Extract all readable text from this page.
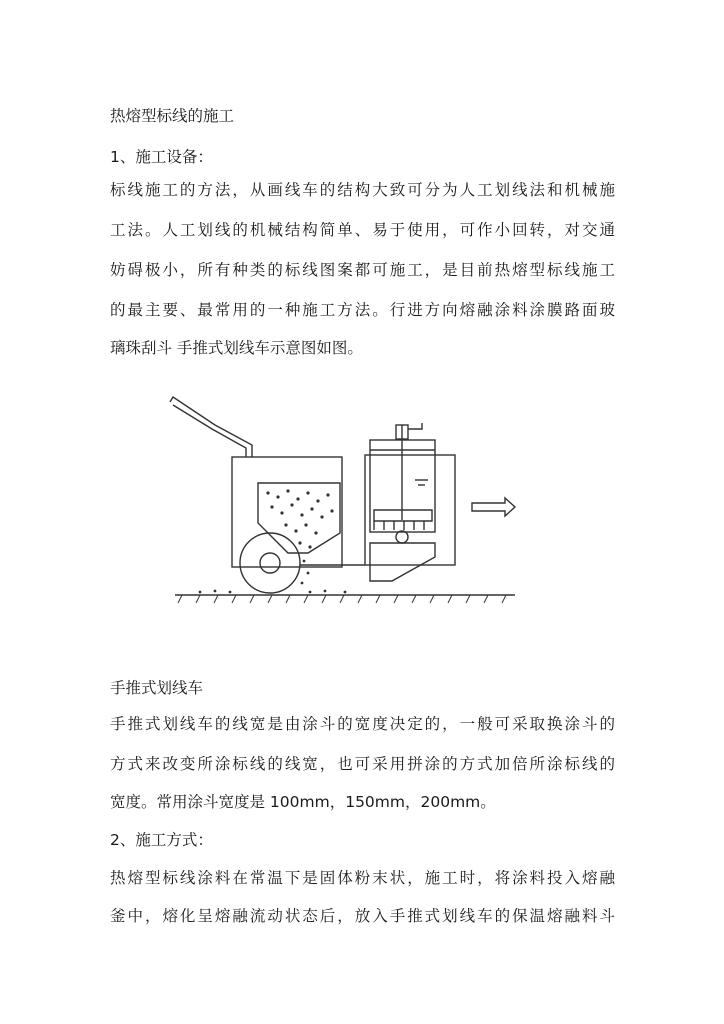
热熔型标线的施工
1、施工设备：
标线施工的方法，从画线车的结构大致可分为人工划线法和机械施
工法。人工划线的机械结构简单、易于使用，可作小回转，对交通
妨碍极小，所有种类的标线图案都可施工，是目前热熔型标线施工
的最主要、最常用的一种施工方法。行进方向熔融涂料涂膜路面玻
璃珠刮斗 手推式划线车示意图如图。
手推式划线车
手推式划线车的线宽是由涂斗的宽度决定的，一般可采取换涂斗的
方式来改变所涂标线的线宽，也可采用拼涂的方式加倍所涂标线的
宽度。常用涂斗宽度是 100mm，150mm，200mm。
2、施工方式：
热熔型标线涂料在常温下是固体粉末状，施工时，将涂料投入熔融
釜中，熔化呈熔融流动状态后，放入手推式划线车的保温熔融料斗
